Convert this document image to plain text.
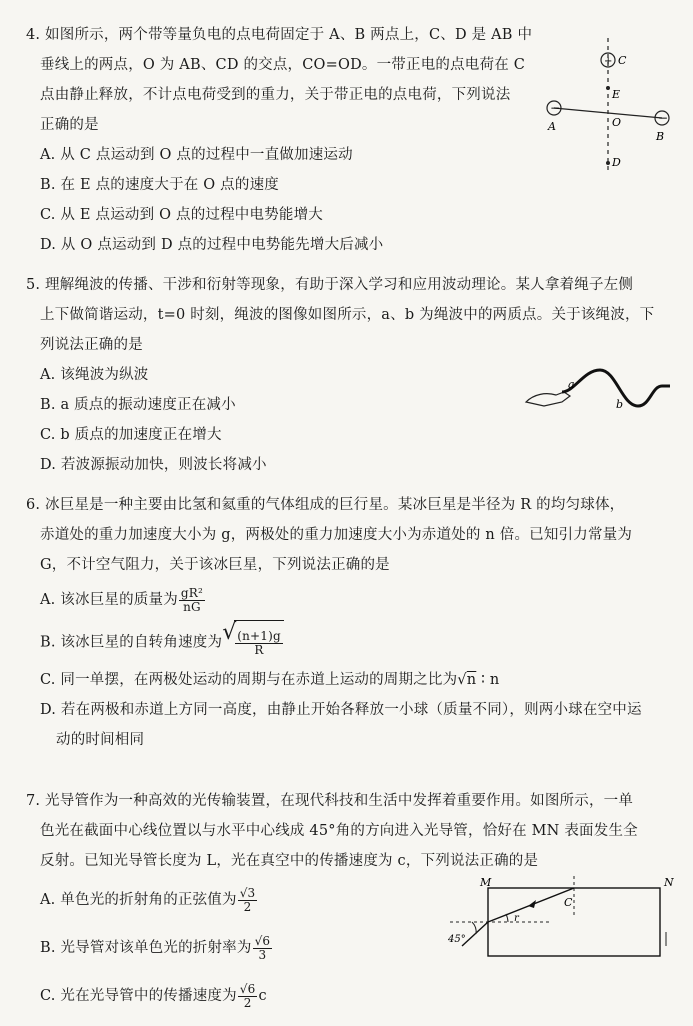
4. 如图所示，两个带等量负电的点电荷固定于 A、B 两点上，C、D 是 AB 中
垂线上的两点，O 为 AB、CD 的交点，CO=OD。一带正电的点电荷在 C
点由静止释放，不计点电荷受到的重力，关于带正电的点电荷，下列说法
正确的是
A. 从 C 点运动到 O 点的过程中一直做加速运动
B. 在 E 点的速度大于在 O 点的速度
C. 从 E 点运动到 O 点的过程中电势能增大
D. 从 O 点运动到 D 点的过程中电势能先增大后减小
+
−
−
C
E
O
A
B
D
5. 理解绳波的传播、干涉和衍射等现象，有助于深入学习和应用波动理论。某人拿着绳子左侧
上下做简谐运动，t=0 时刻，绳波的图像如图所示，a、b 为绳波中的两质点。关于该绳波，下
列说法正确的是
A. 该绳波为纵波
B. a 质点的振动速度正在减小
C. b 质点的加速度正在增大
D. 若波源振动加快，则波长将减小
a
b
6. 冰巨星是一种主要由比氢和氦重的气体组成的巨行星。某冰巨星是半径为 R 的均匀球体，
赤道处的重力加速度大小为 g，两极处的重力加速度大小为赤道处的 n 倍。已知引力常量为
G，不计空气阻力，关于该冰巨星，下列说法正确的是
A. 该冰巨星的质量为 $\frac{\text{gR²}}{nG}$
B. 该冰巨星的自转角速度为 √
$\frac{(n+1)g}{R}$
C. 同一单摆，在两极处运动的周期与在赤道上运动的周期之比为√n ∶ n
D. 若在两极和赤道上方同一高度，由静止开始各释放一小球（质量不同），则两小球在空中运
动的时间相同
7. 光导管作为一种高效的光传输装置，在现代科技和生活中发挥着重要作用。如图所示，一单
色光在截面中心线位置以与水平中心线成 45°角的方向进入光导管，恰好在 MN 表面发生全
反射。已知光导管长度为 L，光在真空中的传播速度为 c，下列说法正确的是
A. 单色光的折射角的正弦值为 $\frac{√3}{2}$
B. 光导管对该单色光的折射率为 $\frac{√6}{3}$
C. 光在光导管中的传播速度为 $\frac{√6}{2}$ c
M	N
C
r
45°
